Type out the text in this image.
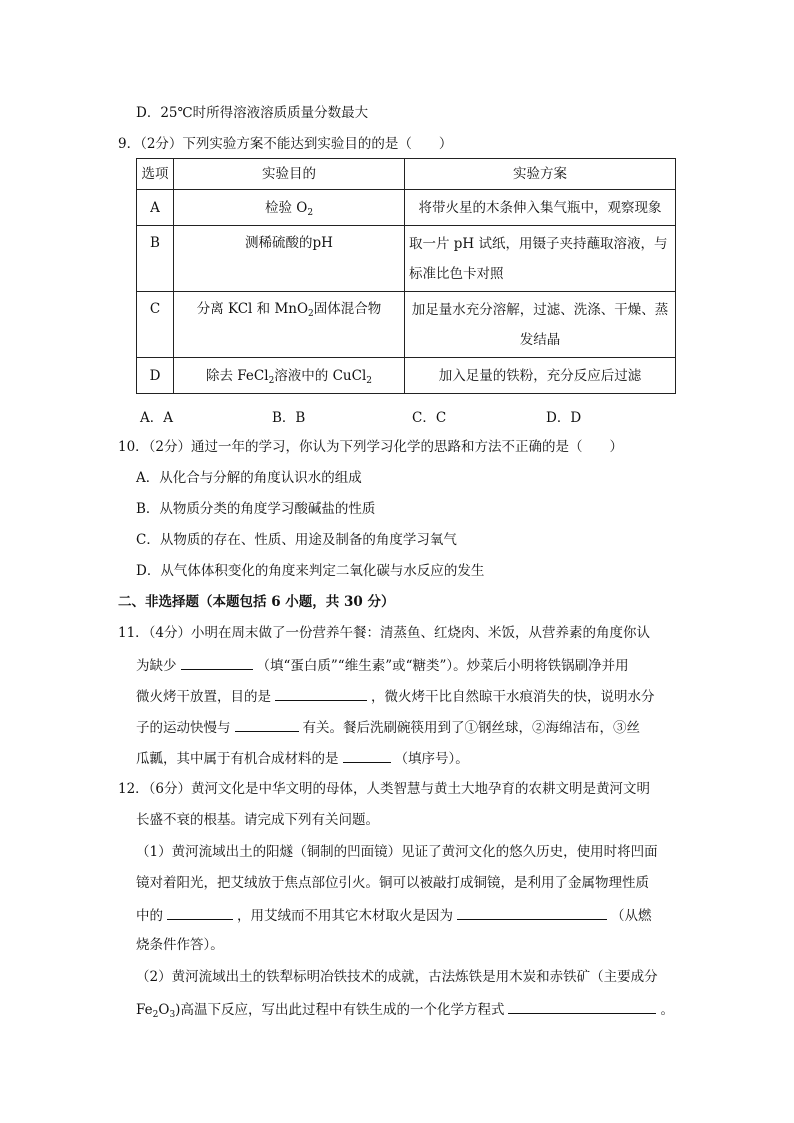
D．25℃时所得溶液溶质质量分数最大
9．（2分）下列实验方案不能达到实验目的的是（　　）
选项	实验目的	实验方案
A	检验 $O_2$	将带火星的木条伸入集气瓶中，观察现象
B	测稀硫酸的pH	取一片 pH 试纸，用镊子夹持蘸取溶液，与标准比色卡对照
C	分离 KCl 和 MnO$_2$固体混合物	加足量水充分溶解，过滤、洗涤、干燥、蒸发结晶
D	除去 FeCl$_2$溶液中的 CuCl$_2$	加入足量的铁粉，充分反应后过滤
A．A	B．B	C．C	D．D
10．（2分）通过一年的学习，你认为下列学习化学的思路和方法不正确的是（　　）
A．从化合与分解的角度认识水的组成
B．从物质分类的角度学习酸碱盐的性质
C．从物质的存在、性质、用途及制备的角度学习氧气
D．从气体体积变化的角度来判定二氧化碳与水反应的发生
二、非选择题（本题包括 6 小题，共 30 分）
11．（4分）小明在周末做了一份营养午餐：清蒸鱼、红烧肉、米饭，从营养素的角度你认
为缺少	（填“蛋白质”“维生素”或“糖类”）。炒菜后小明将铁锅刷净并用
微火烤干放置，目的是	，微火烤干比自然晾干水痕消失的快，说明水分
子的运动快慢与	有关。餐后洗刷碗筷用到了①钢丝球，②海绵洁布，③丝
瓜瓤，其中属于有机合成材料的是	（填序号）。
12．（6分）黄河文化是中华文明的母体，人类智慧与黄土大地孕育的农耕文明是黄河文明
长盛不衰的根基。请完成下列有关问题。
（1）黄河流域出土的阳燧（铜制的凹面镜）见证了黄河文化的悠久历史，使用时将凹面
镜对着阳光，把艾绒放于焦点部位引火。铜可以被敲打成铜镜，是利用了金属物理性质
中的	，用艾绒而不用其它木材取火是因为	（从燃
烧条件作答）。
（2）黄河流域出土的铁犁标明冶铁技术的成就，古法炼铁是用木炭和赤铁矿（主要成分
$Fe_2O_3$)高温下反应，写出此过程中有铁生成的一个化学方程式	。
